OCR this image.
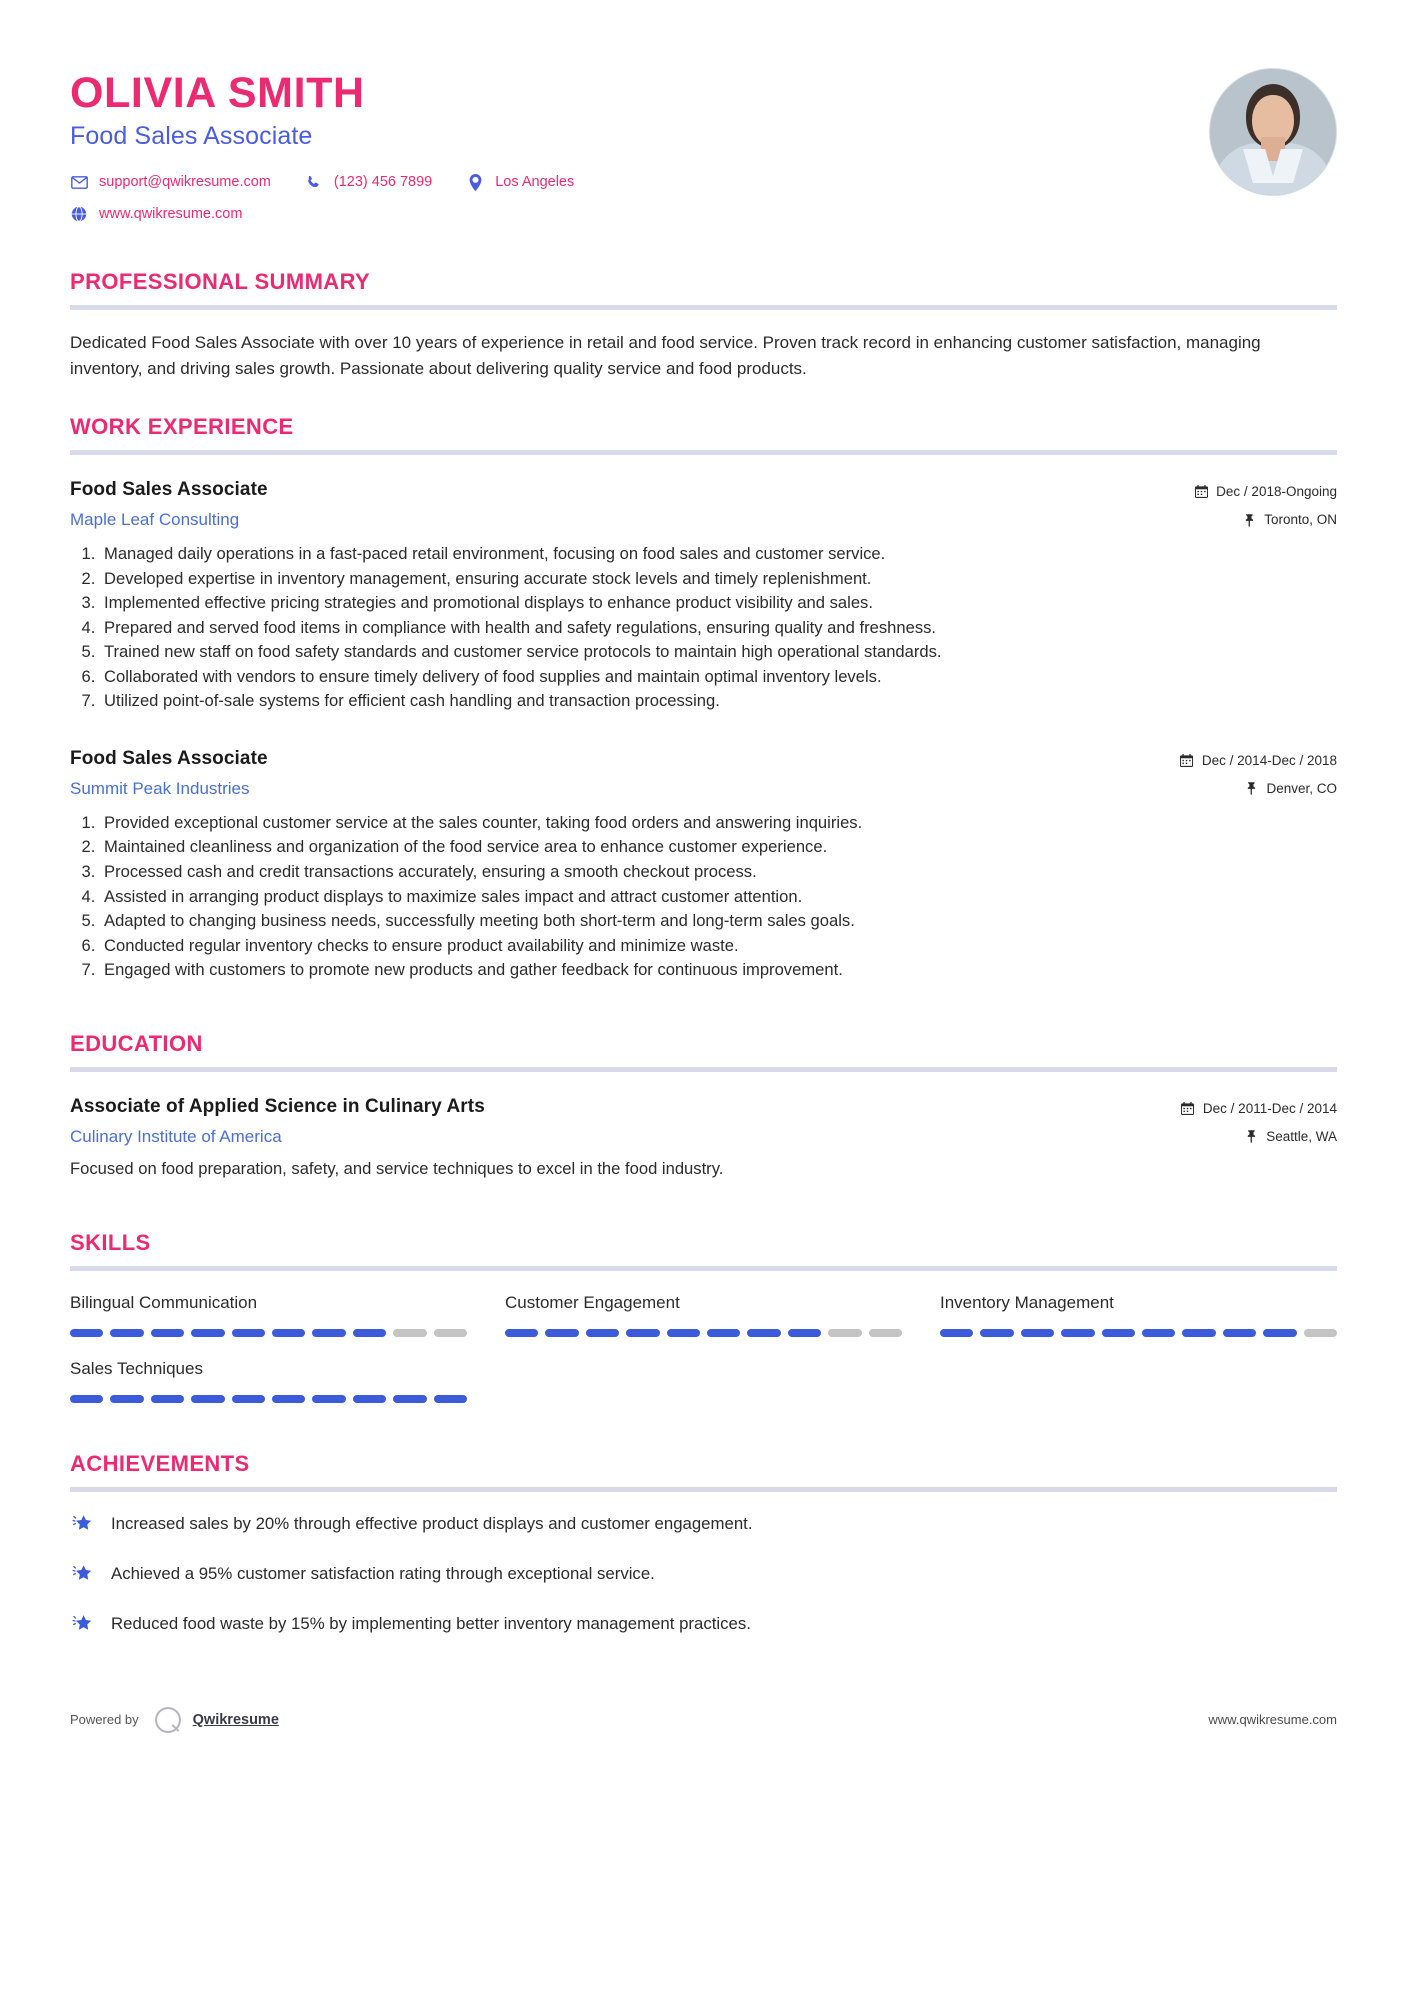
OLIVIA SMITH
Food Sales Associate
support@qwikresume.com	(123) 456 7899	Los Angeles
www.qwikresume.com
PROFESSIONAL SUMMARY
Dedicated Food Sales Associate with over 10 years of experience in retail and food service. Proven track record in enhancing customer satisfaction, managing inventory, and driving sales growth. Passionate about delivering quality service and food products.
WORK EXPERIENCE
Food Sales Associate
Maple Leaf Consulting
Dec / 2018-Ongoing
Toronto, ON
1. Managed daily operations in a fast-paced retail environment, focusing on food sales and customer service.
2. Developed expertise in inventory management, ensuring accurate stock levels and timely replenishment.
3. Implemented effective pricing strategies and promotional displays to enhance product visibility and sales.
4. Prepared and served food items in compliance with health and safety regulations, ensuring quality and freshness.
5. Trained new staff on food safety standards and customer service protocols to maintain high operational standards.
6. Collaborated with vendors to ensure timely delivery of food supplies and maintain optimal inventory levels.
7. Utilized point-of-sale systems for efficient cash handling and transaction processing.
Food Sales Associate
Summit Peak Industries
Dec / 2014-Dec / 2018
Denver, CO
1. Provided exceptional customer service at the sales counter, taking food orders and answering inquiries.
2. Maintained cleanliness and organization of the food service area to enhance customer experience.
3. Processed cash and credit transactions accurately, ensuring a smooth checkout process.
4. Assisted in arranging product displays to maximize sales impact and attract customer attention.
5. Adapted to changing business needs, successfully meeting both short-term and long-term sales goals.
6. Conducted regular inventory checks to ensure product availability and minimize waste.
7. Engaged with customers to promote new products and gather feedback for continuous improvement.
EDUCATION
Associate of Applied Science in Culinary Arts
Culinary Institute of America
Dec / 2011-Dec / 2014
Seattle, WA
Focused on food preparation, safety, and service techniques to excel in the food industry.
SKILLS
Bilingual Communication	Customer Engagement	Inventory Management
Sales Techniques
ACHIEVEMENTS
Increased sales by 20% through effective product displays and customer engagement.
Achieved a 95% customer satisfaction rating through exceptional service.
Reduced food waste by 15% by implementing better inventory management practices.
Powered by	Qwikresume	www.qwikresume.com
